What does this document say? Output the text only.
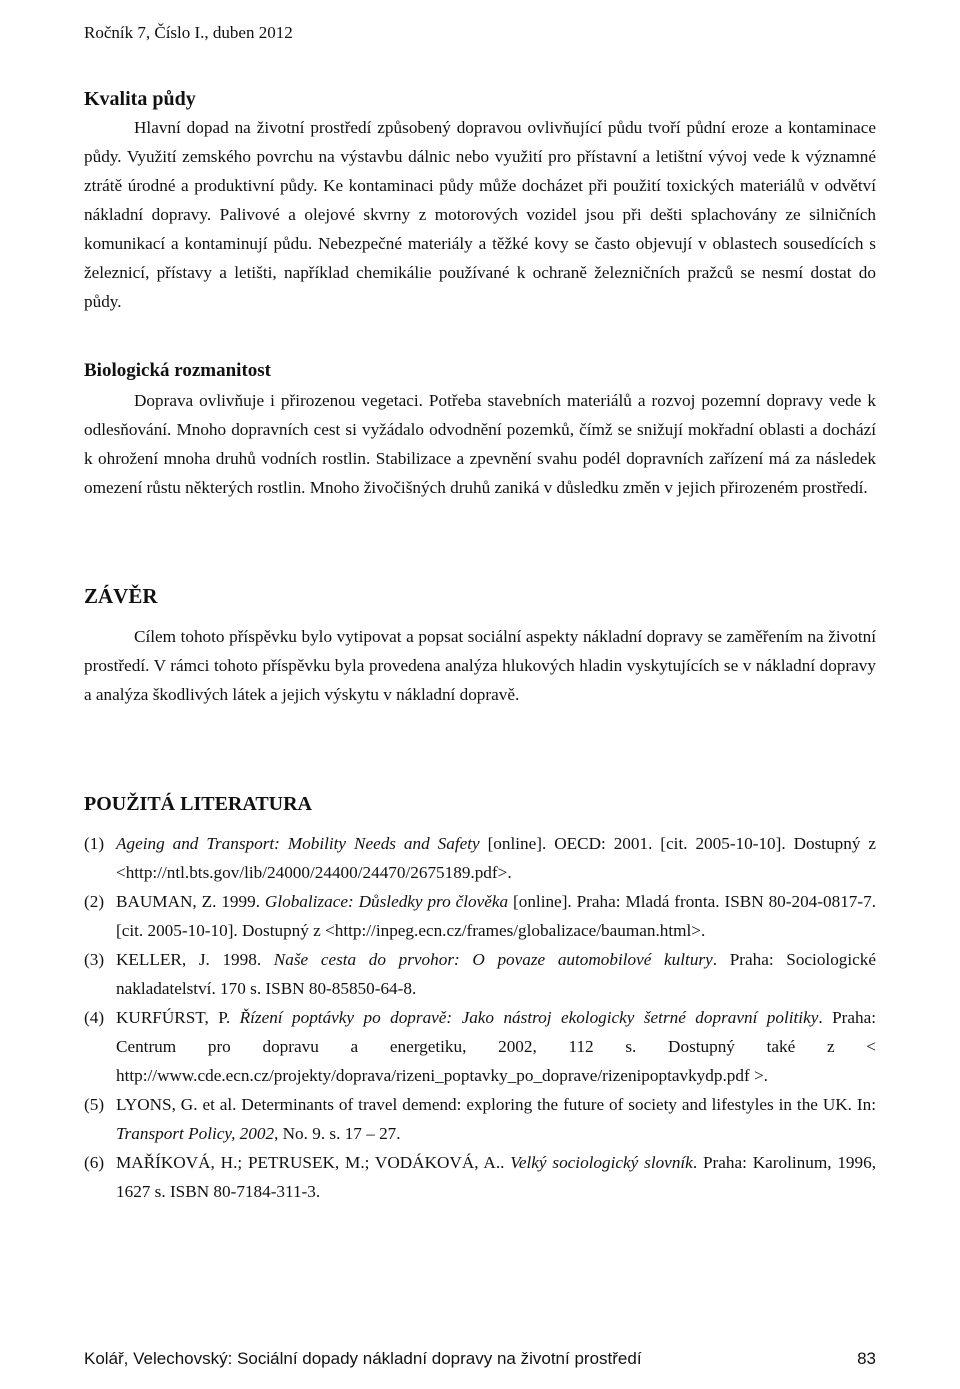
Ročník 7, Číslo I., duben 2012
Kvalita půdy

Hlavní dopad na životní prostředí způsobený dopravou ovlivňující půdu tvoří půdní eroze a kontaminace půdy. Využití zemského povrchu na výstavbu dálnic nebo využití pro přístavní a letištní vývoj vede k významné ztrátě úrodné a produktivní půdy. Ke kontaminaci půdy může docházet při použití toxických materiálů v odvětví nákladní dopravy. Palivové a olejové skvrny z motorových vozidel jsou při dešti splachovány ze silničních komunikací a kontaminují půdu. Nebezpečné materiály a těžké kovy se často objevují v oblastech sousedících s železnicí, přístavy a letišti, například chemikálie používané k ochraně železničních pražců se nesmí dostat do půdy.

Biologická rozmanitost

Doprava ovlivňuje i přirozenou vegetaci. Potřeba stavebních materiálů a rozvoj pozemní dopravy vede k odlesňování. Mnoho dopravních cest si vyžádalo odvodnění pozemků, čímž se snižují mokřadní oblasti a dochází k ohrožení mnoha druhů vodních rostlin. Stabilizace a zpevnění svahu podél dopravních zařízení má za následek omezení růstu některých rostlin. Mnoho živočišných druhů zaniká v důsledku změn v jejich přirozeném prostředí.

ZÁVĚR

Cílem tohoto příspěvku bylo vytipovat a popsat sociální aspekty nákladní dopravy se zaměřením na životní prostředí. V rámci tohoto příspěvku byla provedena analýza hlukových hladin vyskytujících se v nákladní dopravy a analýza škodlivých látek a jejich výskytu v nákladní dopravě.

POUŽITÁ LITERATURA
(1) Ageing and Transport: Mobility Needs and Safety [online]. OECD: 2001. [cit. 2005-10-10]. Dostupný z <http://ntl.bts.gov/lib/24000/24400/24470/2675189.pdf>.
(2) BAUMAN, Z. 1999. Globalizace: Důsledky pro člověka [online]. Praha: Mladá fronta. ISBN 80-204-0817-7. [cit. 2005-10-10]. Dostupný z <http://inpeg.ecn.cz/frames/globalizace/bauman.html>.
(3) KELLER, J. 1998. Naše cesta do prvohor: O povaze automobilové kultury. Praha: Sociologické nakladatelství. 170 s. ISBN 80-85850-64-8.
(4) KURFÚRST, P. Řízení poptávky po dopravě: Jako nástroj ekologicky šetrné dopravní politiky. Praha: Centrum pro dopravu a energetiku, 2002, 112 s. Dostupný také z < http://www.cde.ecn.cz/projekty/doprava/rizeni_poptavky_po_doprave/rizenipoptavkydp.pdf >.
(5) LYONS, G. et al. Determinants of travel demend: exploring the future of society and lifestyles in the UK. In: Transport Policy, 2002, No. 9. s. 17 – 27.
(6) MAŘÍKOVÁ, H.; PETRUSEK, M.; VODÁKOVÁ, A.. Velký sociologický slovník. Praha: Karolinum, 1996, 1627 s. ISBN 80-7184-311-3.
Kolář, Velechovský: Sociální dopady nákladní dopravy na životní prostředí	83
